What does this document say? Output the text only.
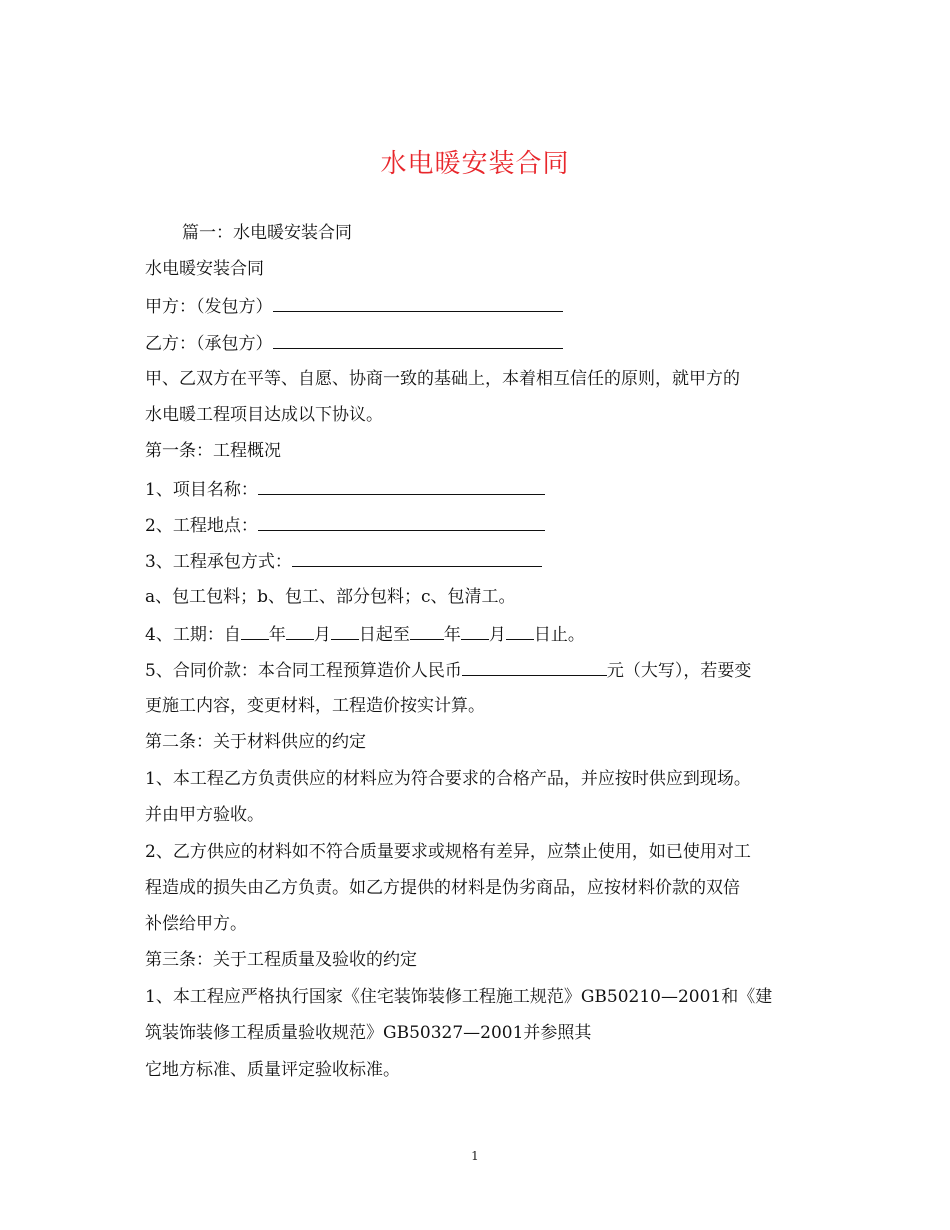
水电暖安装合同
篇一：水电暖安装合同
水电暖安装合同
甲方：（发包方）
乙方：（承包方）
甲、乙双方在平等、自愿、协商一致的基础上，本着相互信任的原则，就甲方的
水电暖工程项目达成以下协议。
第一条：工程概况
1、项目名称：
2、工程地点：
3、工程承包方式：
a、包工包料；b、包工、部分包料；c、包清工。
4、工期：自 年 月 日起至 年 月 日止。
5、合同价款：本合同工程预算造价人民币	元（大写），若要变
更施工内容，变更材料，工程造价按实计算。
第二条：关于材料供应的约定
1、本工程乙方负责供应的材料应为符合要求的合格产品，并应按时供应到现场。
并由甲方验收。
2、乙方供应的材料如不符合质量要求或规格有差异，应禁止使用，如已使用对工
程造成的损失由乙方负责。如乙方提供的材料是伪劣商品，应按材料价款的双倍
补偿给甲方。
第三条：关于工程质量及验收的约定
1、本工程应严格执行国家《住宅装饰装修工程施工规范》GB50210—2001和《建
筑装饰装修工程质量验收规范》GB50327—2001并参照其
它地方标准、质量评定验收标准。
1
